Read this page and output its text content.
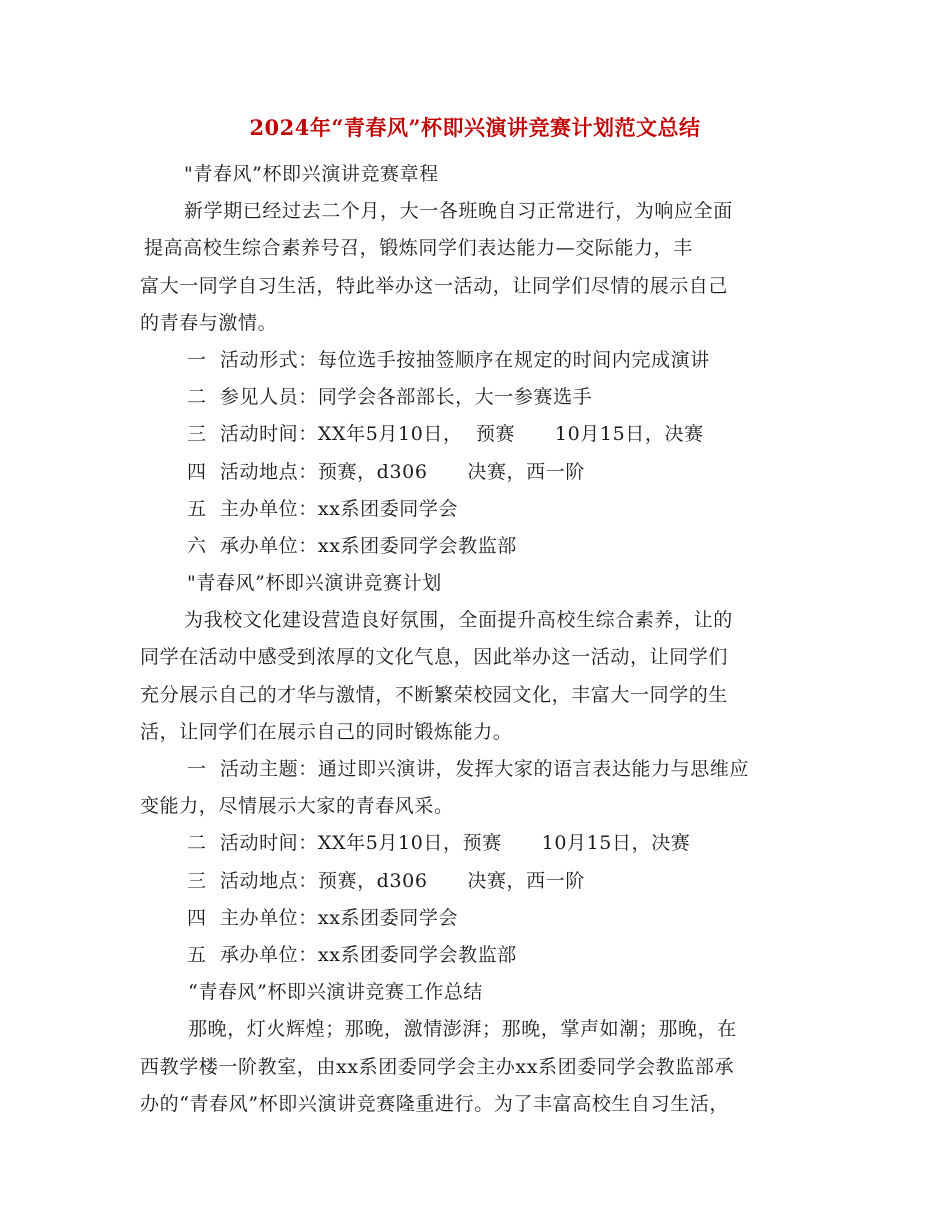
2024年“青春风”杯即兴演讲竞赛计划范文总结
"青春风”杯即兴演讲竞赛章程
新学期已经过去二个月，大一各班晚自习正常进行，为响应全面
提高高校生综合素养号召，锻炼同学们表达能力—交际能力，丰
富大一同学自习生活，特此举办这一活动，让同学们尽情的展示自己
的青春与激情。
一  活动形式：每位选手按抽签顺序在规定的时间内完成演讲
二  参见人员：同学会各部部长，大一参赛选手
三  活动时间：XX年5月10日，  预赛      10月15日，决赛
四  活动地点：预赛，d306      决赛，西一阶
五  主办单位：xx系团委同学会
六  承办单位：xx系团委同学会教监部
"青春风”杯即兴演讲竞赛计划
为我校文化建设营造良好氛围，全面提升高校生综合素养，让的
同学在活动中感受到浓厚的文化气息，因此举办这一活动，让同学们
充分展示自己的才华与激情，不断繁荣校园文化，丰富大一同学的生
活，让同学们在展示自己的同时锻炼能力。
一  活动主题：通过即兴演讲，发挥大家的语言表达能力与思维应
变能力，尽情展示大家的青春风采。
二  活动时间：XX年5月10日，预赛      10月15日，决赛
三  活动地点：预赛，d306      决赛，西一阶
四  主办单位：xx系团委同学会
五  承办单位：xx系团委同学会教监部
“青春风”杯即兴演讲竞赛工作总结
那晚，灯火辉煌；那晚，激情澎湃；那晚，掌声如潮；那晚，在
西教学楼一阶教室，由xx系团委同学会主办xx系团委同学会教监部承
办的“青春风”杯即兴演讲竞赛隆重进行。为了丰富高校生自习生活，
